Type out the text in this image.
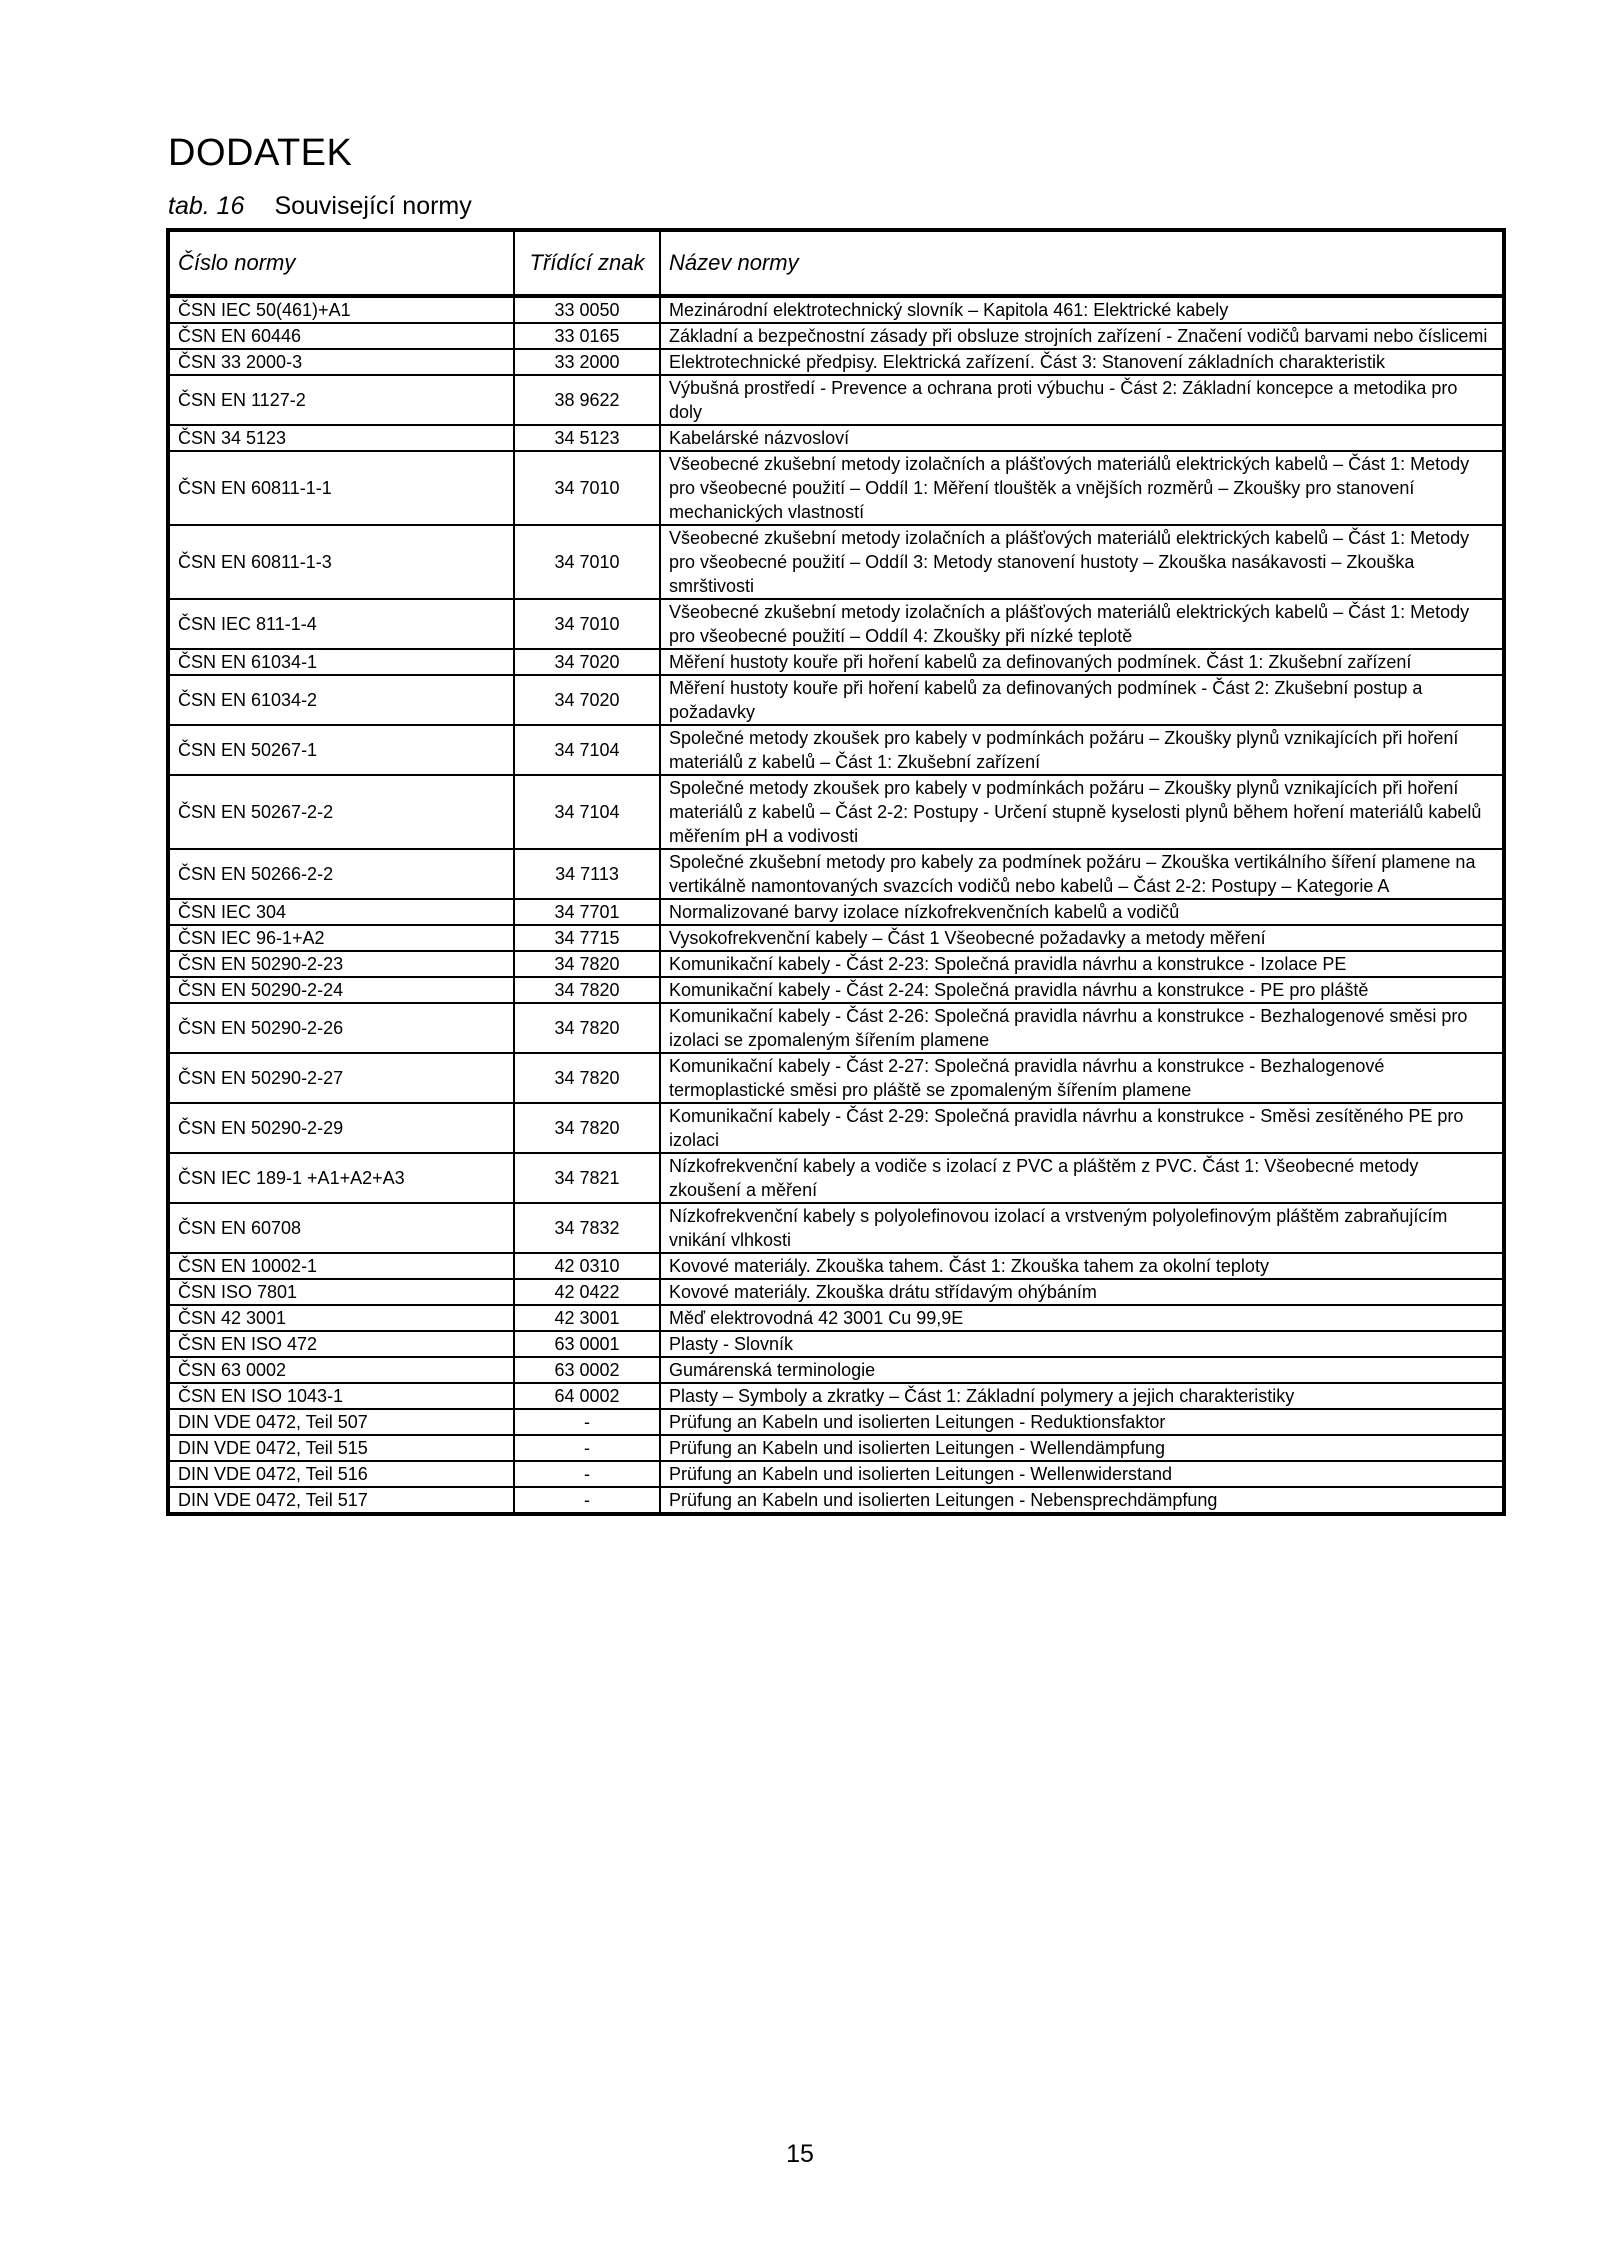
DODATEK
tab. 16 Související normy
Číslo normy	Třídící znak	Název normy
ČSN IEC 50(461)+A1	33 0050	Mezinárodní elektrotechnický slovník – Kapitola 461: Elektrické kabely
ČSN EN 60446	33 0165	Základní a bezpečnostní zásady při obsluze strojních zařízení - Značení vodičů barvami nebo číslicemi
ČSN 33 2000-3	33 2000	Elektrotechnické předpisy. Elektrická zařízení. Část 3: Stanovení základních charakteristik
ČSN EN 1127-2	38 9622	Výbušná prostředí - Prevence a ochrana proti výbuchu - Část 2: Základní koncepce a metodika pro doly
ČSN 34 5123	34 5123	Kabelárské názvosloví
ČSN EN 60811-1-1	34 7010	Všeobecné zkušební metody izolačních a plášťových materiálů elektrických kabelů – Část 1: Metody pro všeobecné použití – Oddíl 1: Měření tlouštěk a vnějších rozměrů – Zkoušky pro stanovení mechanických vlastností
ČSN EN 60811-1-3	34 7010	Všeobecné zkušební metody izolačních a plášťových materiálů elektrických kabelů – Část 1: Metody pro všeobecné použití – Oddíl 3: Metody stanovení hustoty – Zkouška nasákavosti – Zkouška smrštivosti
ČSN IEC 811-1-4	34 7010	Všeobecné zkušební metody izolačních a plášťových materiálů elektrických kabelů – Část 1: Metody pro všeobecné použití – Oddíl 4: Zkoušky při nízké teplotě
ČSN EN 61034-1	34 7020	Měření hustoty kouře při hoření kabelů za definovaných podmínek. Část 1: Zkušební zařízení
ČSN EN 61034-2	34 7020	Měření hustoty kouře při hoření kabelů za definovaných podmínek - Část 2: Zkušební postup a požadavky
ČSN EN 50267-1	34 7104	Společné metody zkoušek pro kabely v podmínkách požáru – Zkoušky plynů vznikajících při hoření materiálů z kabelů – Část 1: Zkušební zařízení
ČSN EN 50267-2-2	34 7104	Společné metody zkoušek pro kabely v podmínkách požáru – Zkoušky plynů vznikajících při hoření materiálů z kabelů – Část 2-2: Postupy - Určení stupně kyselosti plynů během hoření materiálů kabelů měřením pH a vodivosti
ČSN EN 50266-2-2	34 7113	Společné zkušební metody pro kabely za podmínek požáru – Zkouška vertikálního šíření plamene na vertikálně namontovaných svazcích vodičů nebo kabelů – Část 2-2: Postupy – Kategorie A
ČSN IEC 304	34 7701	Normalizované barvy izolace nízkofrekvenčních kabelů a vodičů
ČSN IEC 96-1+A2	34 7715	Vysokofrekvenční kabely – Část 1 Všeobecné požadavky a metody měření
ČSN EN 50290-2-23	34 7820	Komunikační kabely - Část 2-23: Společná pravidla návrhu a konstrukce - Izolace PE
ČSN EN 50290-2-24	34 7820	Komunikační kabely - Část 2-24: Společná pravidla návrhu a konstrukce - PE pro pláště
ČSN EN 50290-2-26	34 7820	Komunikační kabely - Část 2-26: Společná pravidla návrhu a konstrukce - Bezhalogenové směsi pro izolaci se zpomaleným šířením plamene
ČSN EN 50290-2-27	34 7820	Komunikační kabely - Část 2-27: Společná pravidla návrhu a konstrukce - Bezhalogenové termoplastické směsi pro pláště se zpomaleným šířením plamene
ČSN EN 50290-2-29	34 7820	Komunikační kabely - Část 2-29: Společná pravidla návrhu a konstrukce - Směsi zesítěného PE pro izolaci
ČSN IEC 189-1 +A1+A2+A3	34 7821	Nízkofrekvenční kabely a vodiče s izolací z PVC a pláštěm z PVC. Část 1: Všeobecné metody zkoušení a měření
ČSN EN 60708	34 7832	Nízkofrekvenční kabely s polyolefinovou izolací a vrstveným polyolefinovým pláštěm zabraňujícím vnikání vlhkosti
ČSN EN 10002-1	42 0310	Kovové materiály. Zkouška tahem. Část 1: Zkouška tahem za okolní teploty
ČSN ISO 7801	42 0422	Kovové materiály. Zkouška drátu střídavým ohýbáním
ČSN 42 3001	42 3001	Měď elektrovodná 42 3001 Cu 99,9E
ČSN EN ISO 472	63 0001	Plasty - Slovník
ČSN 63 0002	63 0002	Gumárenská terminologie
ČSN EN ISO 1043-1	64 0002	Plasty – Symboly a zkratky – Část 1: Základní polymery a jejich charakteristiky
DIN VDE 0472, Teil 507	-	Prüfung an Kabeln und isolierten Leitungen - Reduktionsfaktor
DIN VDE 0472, Teil 515	-	Prüfung an Kabeln und isolierten Leitungen - Wellendämpfung
DIN VDE 0472, Teil 516	-	Prüfung an Kabeln und isolierten Leitungen - Wellenwiderstand
DIN VDE 0472, Teil 517	-	Prüfung an Kabeln und isolierten Leitungen - Nebensprechdämpfung
15
